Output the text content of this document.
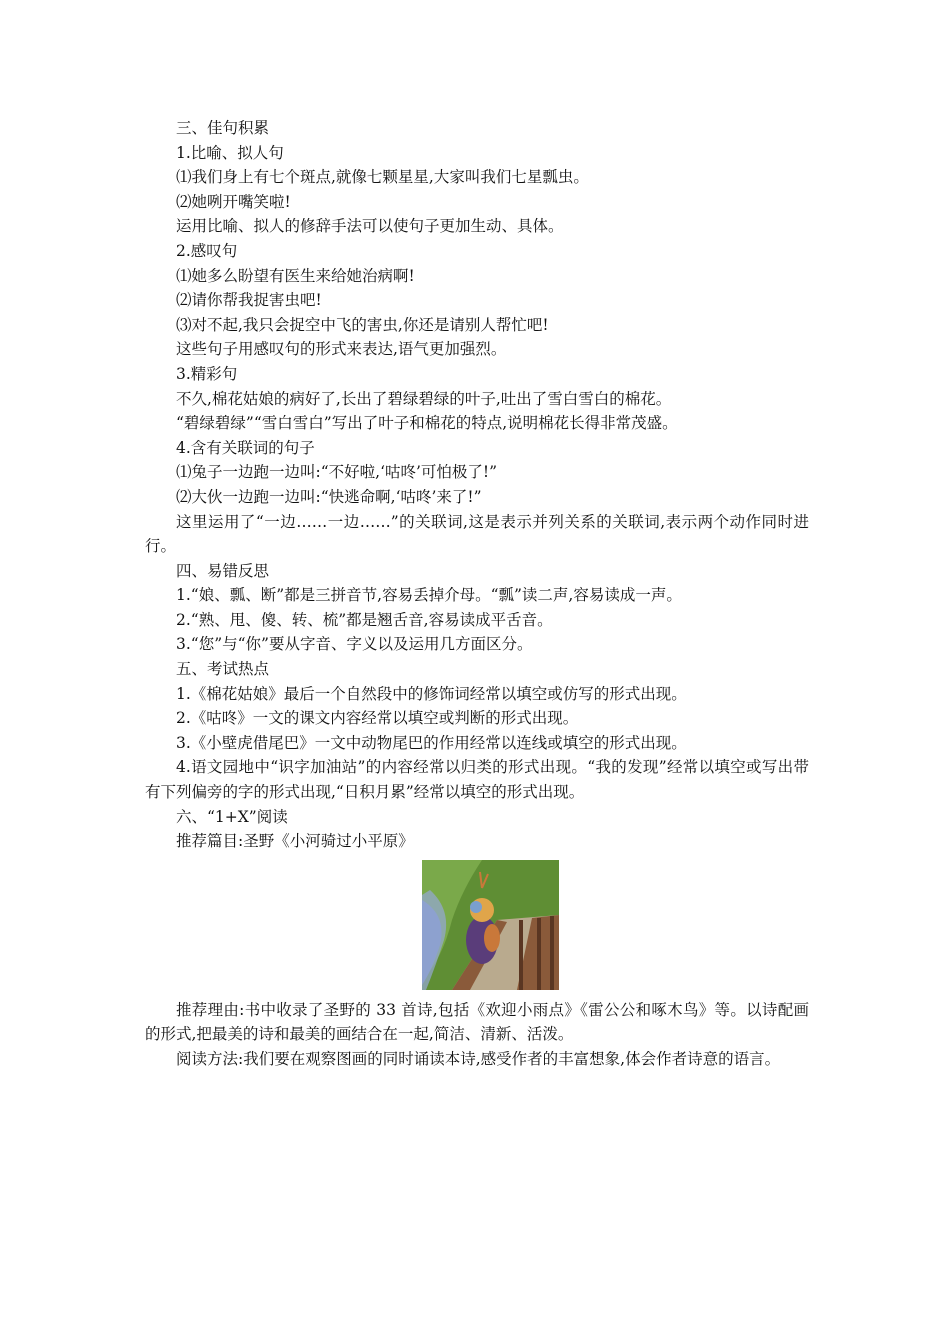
三、佳句积累
1.比喻、拟人句
⑴我们身上有七个斑点,就像七颗星星,大家叫我们七星瓢虫。
⑵她咧开嘴笑啦!
运用比喻、拟人的修辞手法可以使句子更加生动、具体。
2.感叹句
⑴她多么盼望有医生来给她治病啊!
⑵请你帮我捉害虫吧!
⑶对不起,我只会捉空中飞的害虫,你还是请别人帮忙吧!
这些句子用感叹句的形式来表达,语气更加强烈。
3.精彩句
不久,棉花姑娘的病好了,长出了碧绿碧绿的叶子,吐出了雪白雪白的棉花。
“碧绿碧绿”“雪白雪白”写出了叶子和棉花的特点,说明棉花长得非常茂盛。
4.含有关联词的句子
⑴兔子一边跑一边叫:“不好啦,‘咕咚’可怕极了!”
⑵大伙一边跑一边叫:“快逃命啊,‘咕咚’来了!”
这里运用了“一边……一边……”的关联词,这是表示并列关系的关联词,表示两个动作同时进行。
四、易错反思
1.“娘、瓢、断”都是三拼音节,容易丢掉介母。“瓢”读二声,容易读成一声。
2.“熟、甩、傻、转、梳”都是翘舌音,容易读成平舌音。
3.“您”与“你”要从字音、字义以及运用几方面区分。
五、考试热点
1.《棉花姑娘》最后一个自然段中的修饰词经常以填空或仿写的形式出现。
2.《咕咚》一文的课文内容经常以填空或判断的形式出现。
3.《小壁虎借尾巴》一文中动物尾巴的作用经常以连线或填空的形式出现。
4.语文园地中“识字加油站”的内容经常以归类的形式出现。“我的发现”经常以填空或写出带有下列偏旁的字的形式出现,“日积月累”经常以填空的形式出现。
六、“1+X”阅读
推荐篇目:圣野《小河骑过小平原》
推荐理由:书中收录了圣野的 33 首诗,包括《欢迎小雨点》《雷公公和啄木鸟》等。以诗配画的形式,把最美的诗和最美的画结合在一起,简洁、清新、活泼。
阅读方法:我们要在观察图画的同时诵读本诗,感受作者的丰富想象,体会作者诗意的语言。
